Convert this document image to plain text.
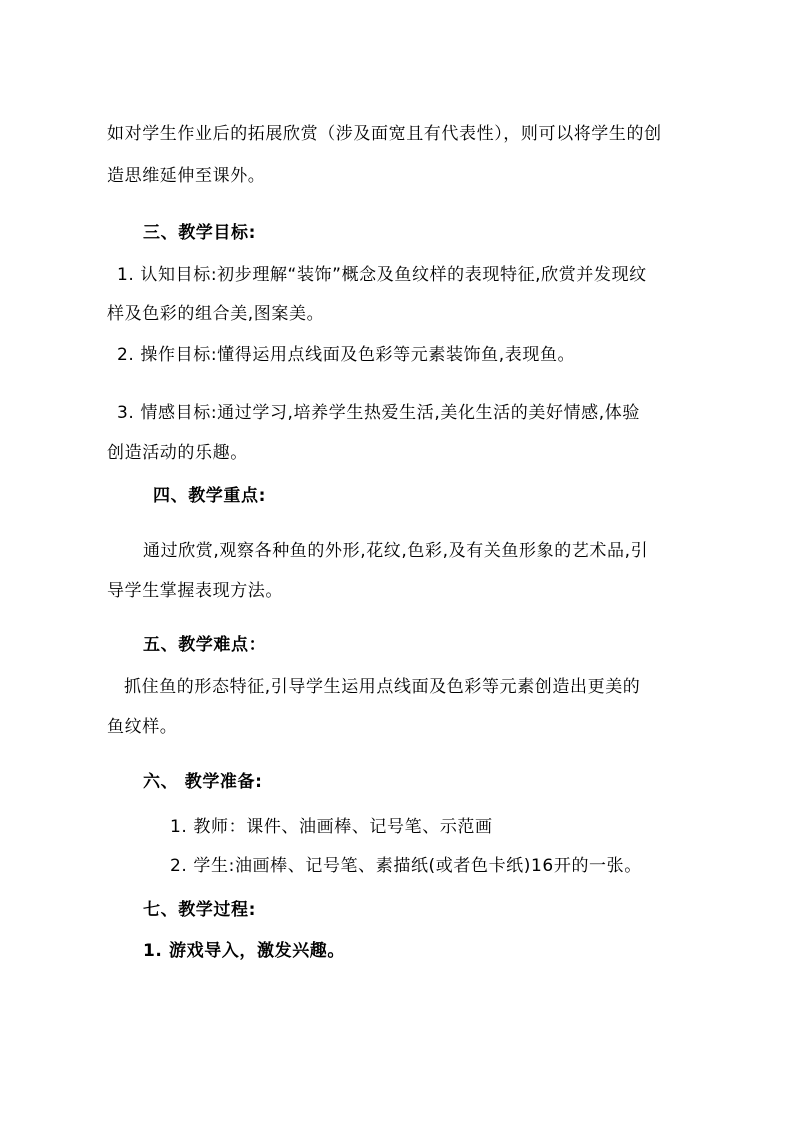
如对学生作业后的拓展欣赏（涉及面宽且有代表性），则可以将学生的创
造思维延伸至课外。
三、教学目标:
1. 认知目标:初步理解“装饰”概念及鱼纹样的表现特征,欣赏并发现纹
样及色彩的组合美,图案美。
2. 操作目标:懂得运用点线面及色彩等元素装饰鱼,表现鱼。
3. 情感目标:通过学习,培养学生热爱生活,美化生活的美好情感,体验
创造活动的乐趣。
四、教学重点:
通过欣赏,观察各种鱼的外形,花纹,色彩,及有关鱼形象的艺术品,引
导学生掌握表现方法。
五、教学难点：
抓住鱼的形态特征,引导学生运用点线面及色彩等元素创造出更美的
鱼纹样。
六、 教学准备:
1. 教师：课件、油画棒、记号笔、示范画
2. 学生:油画棒、记号笔、素描纸(或者色卡纸)16开的一张。
七、教学过程:
1. 游戏导入，激发兴趣。
